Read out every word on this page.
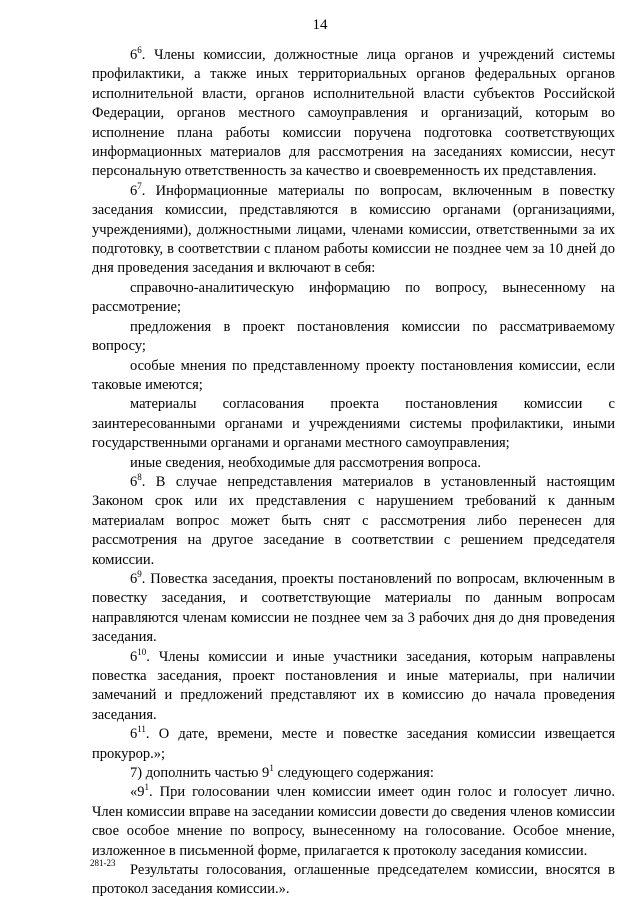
14

$6^6$. Члены комиссии, должностные лица органов и учреждений системы профилактики, а также иных территориальных органов федеральных органов исполнительной власти, органов исполнительной власти субъектов Российской Федерации, органов местного самоуправления и организаций, которым во исполнение плана работы комиссии поручена подготовка соответствующих информационных материалов для рассмотрения на заседаниях комиссии, несут персональную ответственность за качество и своевременность их представления.

$6^7$. Информационные материалы по вопросам, включенным в повестку заседания комиссии, представляются в комиссию органами (организациями, учреждениями), должностными лицами, членами комиссии, ответственными за их подготовку, в соответствии с планом работы комиссии не позднее чем за 10 дней до дня проведения заседания и включают в себя:

справочно-аналитическую информацию по вопросу, вынесенному на рассмотрение;

предложения в проект постановления комиссии по рассматриваемому вопросу;

особые мнения по представленному проекту постановления комиссии, если таковые имеются;

материалы согласования проекта постановления комиссии с заинтересованными органами и учреждениями системы профилактики, иными государственными органами и органами местного самоуправления;

иные сведения, необходимые для рассмотрения вопроса.

$6^8$. В случае непредставления материалов в установленный настоящим Законом срок или их представления с нарушением требований к данным материалам вопрос может быть снят с рассмотрения либо перенесен для рассмотрения на другое заседание в соответствии с решением председателя комиссии.

$6^9$. Повестка заседания, проекты постановлений по вопросам, включенным в повестку заседания, и соответствующие материалы по данным вопросам направляются членам комиссии не позднее чем за 3 рабочих дня до дня проведения заседания.

$6^{10}$. Члены комиссии и иные участники заседания, которым направлены повестка заседания, проект постановления и иные материалы, при наличии замечаний и предложений представляют их в комиссию до начала проведения заседания.

$6^{11}$. О дате, времени, месте и повестке заседания комиссии извещается прокурор.»;

7) дополнить частью $9^1$ следующего содержания:

«$9^1$. При голосовании член комиссии имеет один голос и голосует лично. Член комиссии вправе на заседании комиссии довести до сведения членов комиссии свое особое мнение по вопросу, вынесенному на голосование. Особое мнение, изложенное в письменной форме, прилагается к протоколу заседания комиссии.

Результаты голосования, оглашенные председателем комиссии, вносятся в протокол заседания комиссии.».

281-23
